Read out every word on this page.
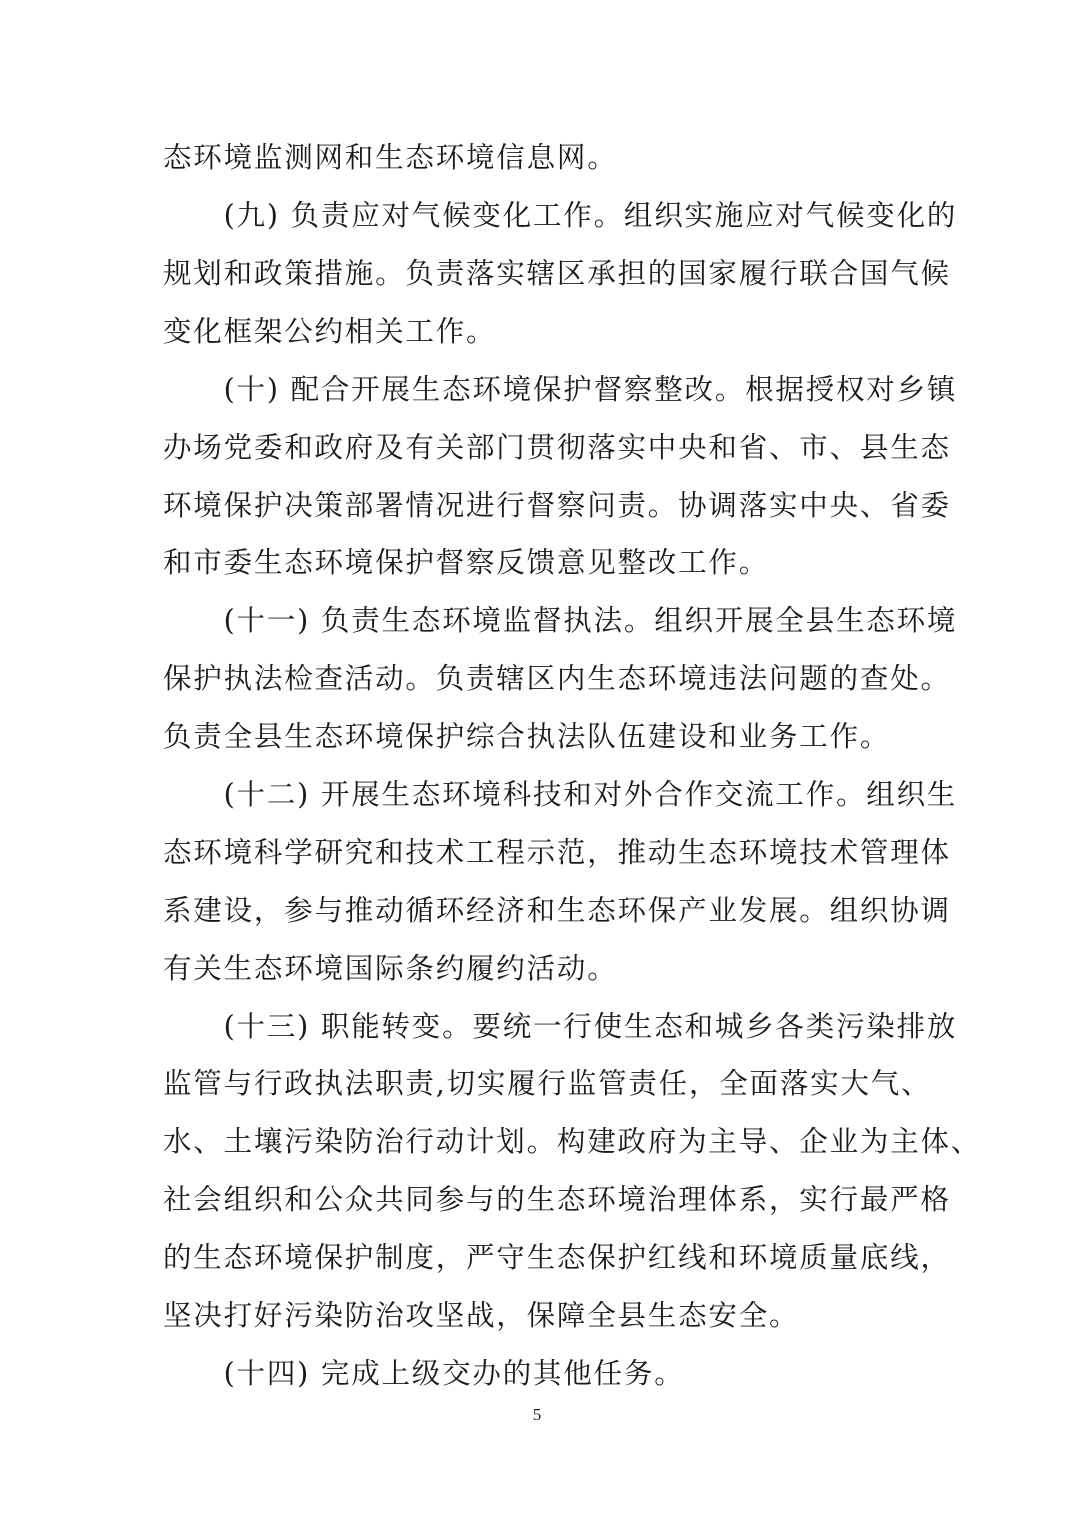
态环境监测网和生态环境信息网。
　　(九) 负责应对气候变化工作。组织实施应对气候变化的
规划和政策措施。负责落实辖区承担的国家履行联合国气候
变化框架公约相关工作。
　　(十) 配合开展生态环境保护督察整改。根据授权对乡镇
办场党委和政府及有关部门贯彻落实中央和省、市、县生态
环境保护决策部署情况进行督察问责。协调落实中央、省委
和市委生态环境保护督察反馈意见整改工作。
　　(十一) 负责生态环境监督执法。组织开展全县生态环境
保护执法检查活动。负责辖区内生态环境违法问题的查处。
负责全县生态环境保护综合执法队伍建设和业务工作。
　　(十二) 开展生态环境科技和对外合作交流工作。组织生
态环境科学研究和技术工程示范，推动生态环境技术管理体
系建设，参与推动循环经济和生态环保产业发展。组织协调
有关生态环境国际条约履约活动。
　　(十三) 职能转变。要统一行使生态和城乡各类污染排放
监管与行政执法职责,切实履行监管责任，全面落实大气、
水、土壤污染防治行动计划。构建政府为主导、企业为主体、
社会组织和公众共同参与的生态环境治理体系，实行最严格
的生态环境保护制度，严守生态保护红线和环境质量底线，
坚决打好污染防治攻坚战，保障全县生态安全。
　　(十四) 完成上级交办的其他任务。
5
